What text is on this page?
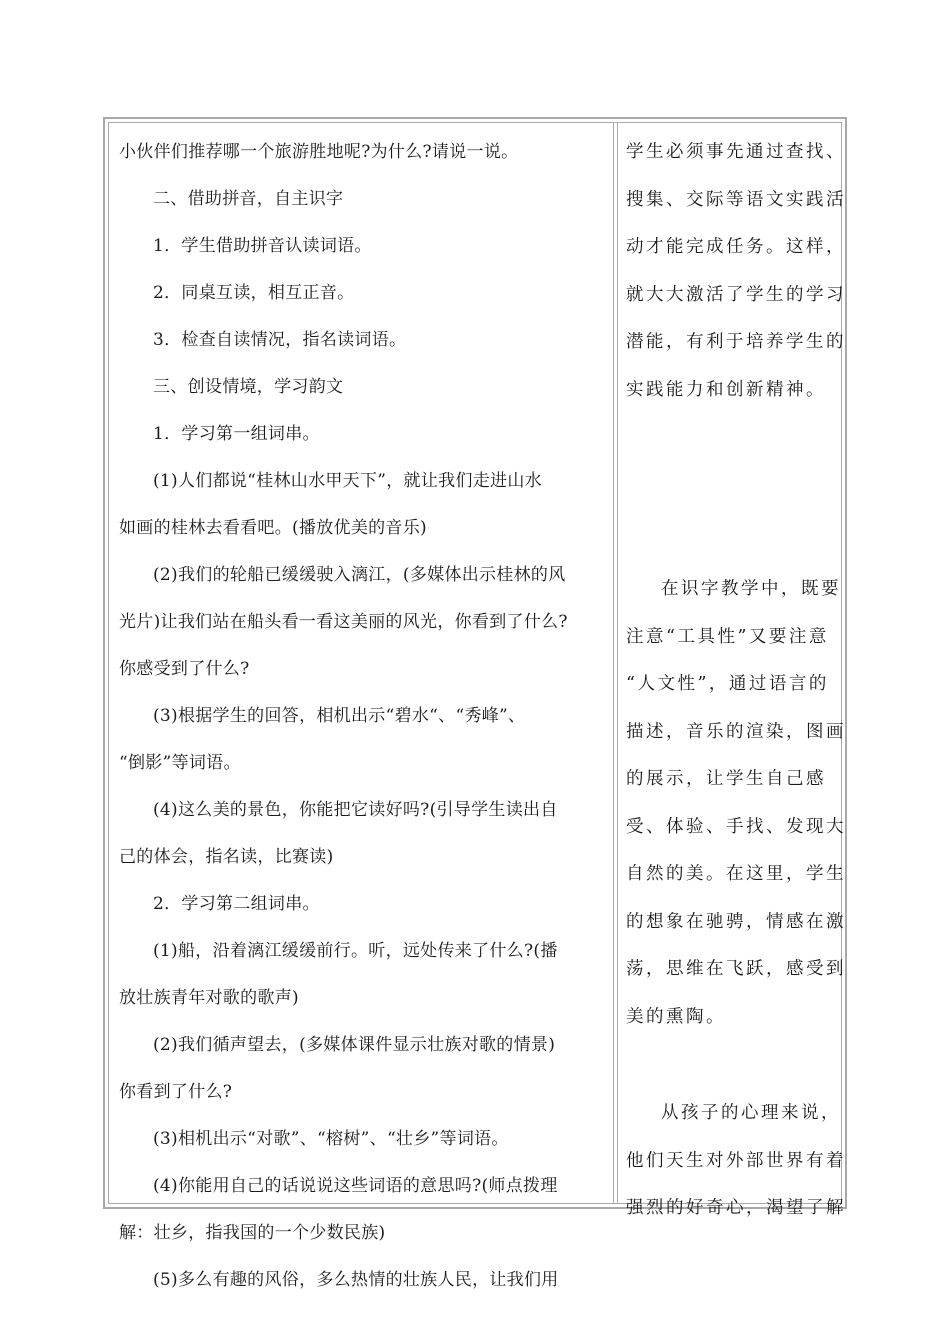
小伙伴们推荐哪一个旅游胜地呢?为什么?请说一说。

二、借助拼音，自主识字

1．学生借助拼音认读词语。

2．同桌互读，相互正音。

3．检查自读情况，指名读词语。

三、创设情境，学习韵文

1．学习第一组词串。

(1)人们都说“桂林山水甲天下”，就让我们走进山水

如画的桂林去看看吧。(播放优美的音乐)

(2)我们的轮船已缓缓驶入漓江，(多媒体出示桂林的风

光片)让我们站在船头看一看这美丽的风光，你看到了什么?

你感受到了什么?

(3)根据学生的回答，相机出示“碧水“、“秀峰”、

“倒影”等词语。

(4)这么美的景色，你能把它读好吗?(引导学生读出自

己的体会，指名读，比赛读)

2．学习第二组词串。

(1)船，沿着漓江缓缓前行。听，远处传来了什么?(播

放壮族青年对歌的歌声)

(2)我们循声望去，(多媒体课件显示壮族对歌的情景)

你看到了什么?

(3)相机出示“对歌”、“榕树”、“壮乡”等词语。

(4)你能用自己的话说说这些词语的意思吗?(师点拨理

解：壮乡，指我国的一个少数民族)

(5)多么有趣的风俗，多么热情的壮族人民，让我们用

学生必须事先通过查找、
搜集、交际等语文实践活
动才能完成任务。这样，
就大大激活了学生的学习
潜能，有利于培养学生的
实践能力和创新精神。
在识字教学中，既要
注意“工具性”又要注意
“人文性”，通过语言的
描述，音乐的渲染，图画
的展示，让学生自己感
受、体验、手找、发现大
自然的美。在这里，学生
的想象在驰骋，情感在激
荡，思维在飞跃，感受到
美的熏陶。
从孩子的心理来说，
他们天生对外部世界有着
强烈的好奇心，渴望了解
